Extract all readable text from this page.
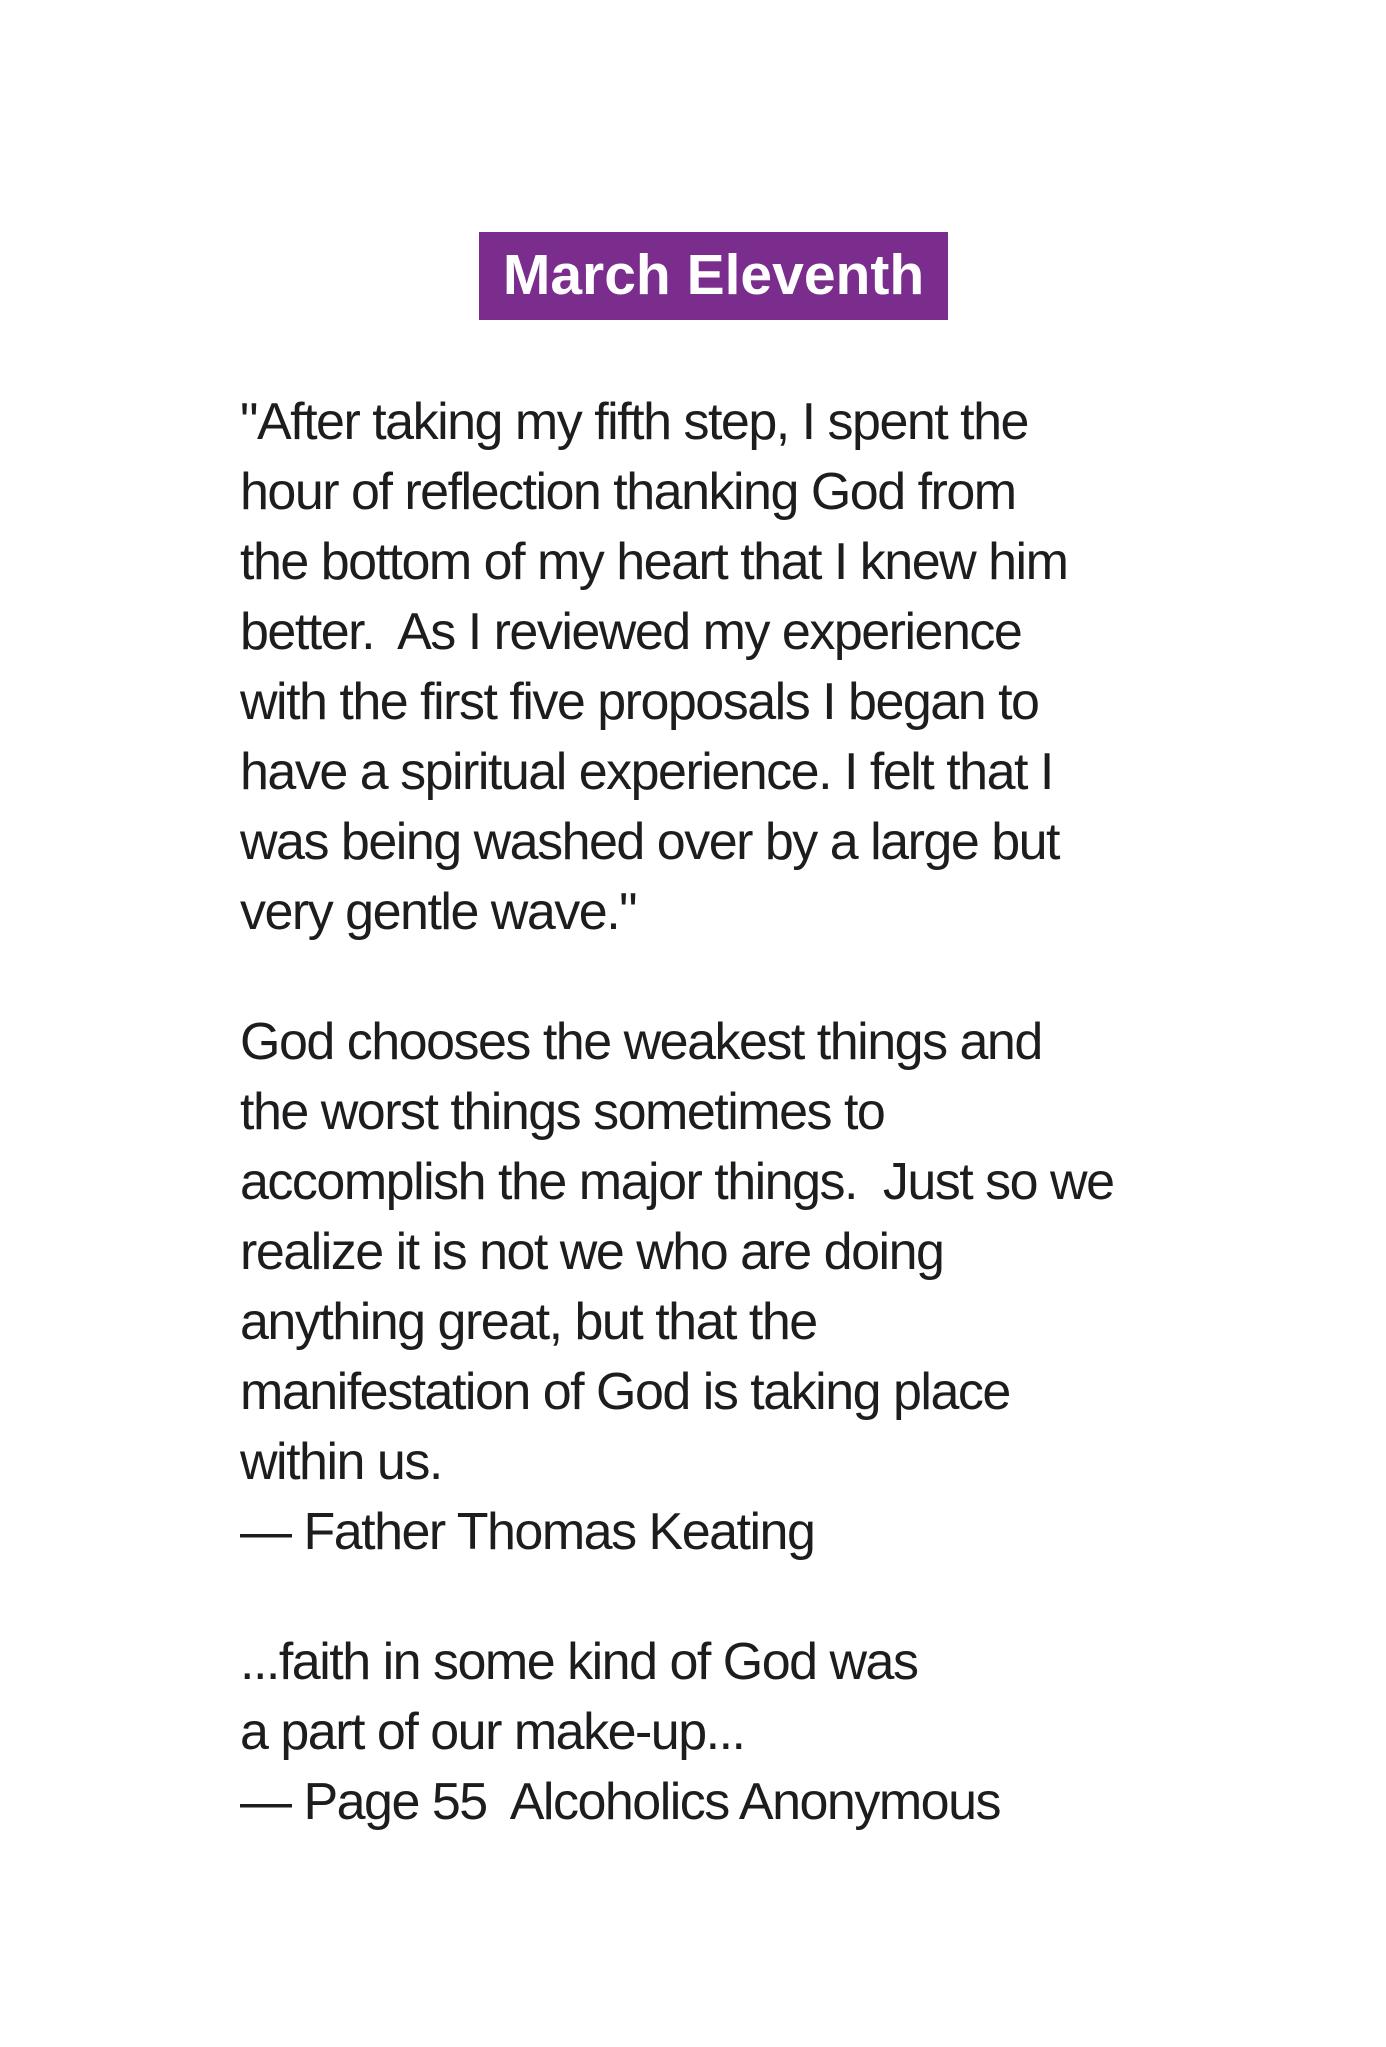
March Eleventh
"After taking my fifth step, I spent the
hour of reflection thanking God from
the bottom of my heart that I knew him
better.  As I reviewed my experience
with the first five proposals I began to
have a spiritual experience. I felt that I
was being washed over by a large but
very gentle wave."
God chooses the weakest things and
the worst things sometimes to
accomplish the major things.  Just so we
realize it is not we who are doing
anything great, but that the
manifestation of God is taking place
within us.
— Father Thomas Keating
...faith in some kind of God was
a part of our make-up...
— Page 55  Alcoholics Anonymous
